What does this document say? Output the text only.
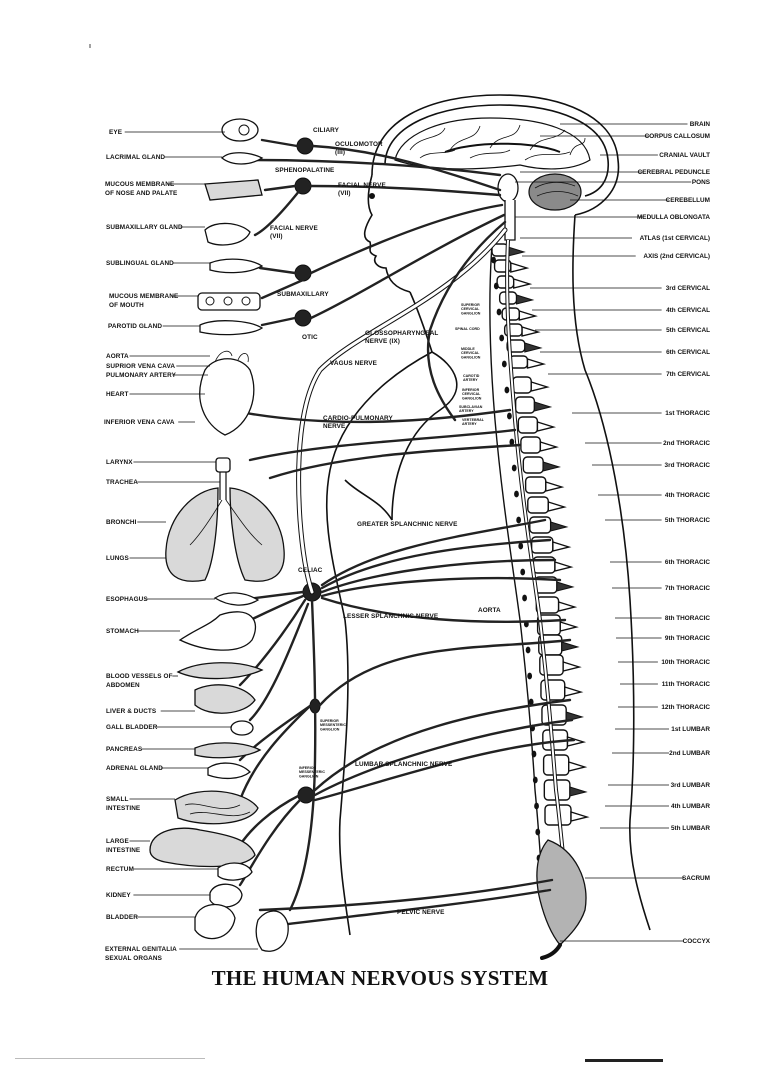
EYE
LACRIMAL GLAND
MUCOUS MEMBRANE OF NOSE AND PALATE
SUBMAXILLARY GLAND
SUBLINGUAL GLAND
MUCOUS MEMBRANE OF MOUTH
PAROTID GLAND
AORTA
SUPRIOR VENA CAVA
PULMONARY ARTERY
HEART
INFERIOR VENA CAVA
LARYNX
TRACHEA
BRONCHI
LUNGS
ESOPHAGUS
STOMACH
BLOOD VESSELS OF ABDOMEN
LIVER & DUCTS
GALL BLADDER
PANCREAS
ADRENAL GLAND
SMALL INTESTINE
LARGE INTESTINE
RECTUM
KIDNEY
BLADDER
EXTERNAL GENITALIA SEXUAL ORGANS
BRAIN
CORPUS CALLOSUM
CRANIAL VAULT
CEREBRAL PEDUNCLE
PONS
CEREBELLUM
MEDULLA OBLONGATA
ATLAS (1st CERVICAL)
AXIS (2nd CERVICAL)
3rd CERVICAL
4th CERVICAL
5th CERVICAL
6th CERVICAL
7th CERVICAL
1st THORACIC
2nd THORACIC
3rd THORACIC
4th THORACIC
5th THORACIC
6th THORACIC
7th THORACIC
8th THORACIC
9th THORACIC
10th THORACIC
11th THORACIC
12th THORACIC
1st LUMBAR
2nd LUMBAR
3rd LUMBAR
4th LUMBAR
5th LUMBAR
SACRUM
COCCYX
CILIARY
OCULOMOTOR (III)
SPHENOPALATINE
FACIAL NERVE (VII)
FACIAL NERVE (VII)
SUBMAXILLARY
OTIC
GLOSSOPHARYNGEAL NERVE (IX)
VAGUS NERVE
CARDIO-PULMONARY NERVE
GREATER SPLANCHNIC NERVE
CELIAC
LESSER SPLANCHNIC NERVE
AORTA
LUMBAR SPLANCHNIC NERVE
PELVIC NERVE
SUPERIOR CERVICAL GANGLION
SPINAL CORD
MIDDLE CERVICAL GANGLION
CAROTID ARTERY
INFERIOR CERVICAL GANGLION
SUBCLAVIAN ARTERY
VERTEBRAL ARTERY
SUPERIOR MESSENTERIC GANGLION
INFERIOR MESSENTERIC GANGLION
THE HUMAN NERVOUS SYSTEM
